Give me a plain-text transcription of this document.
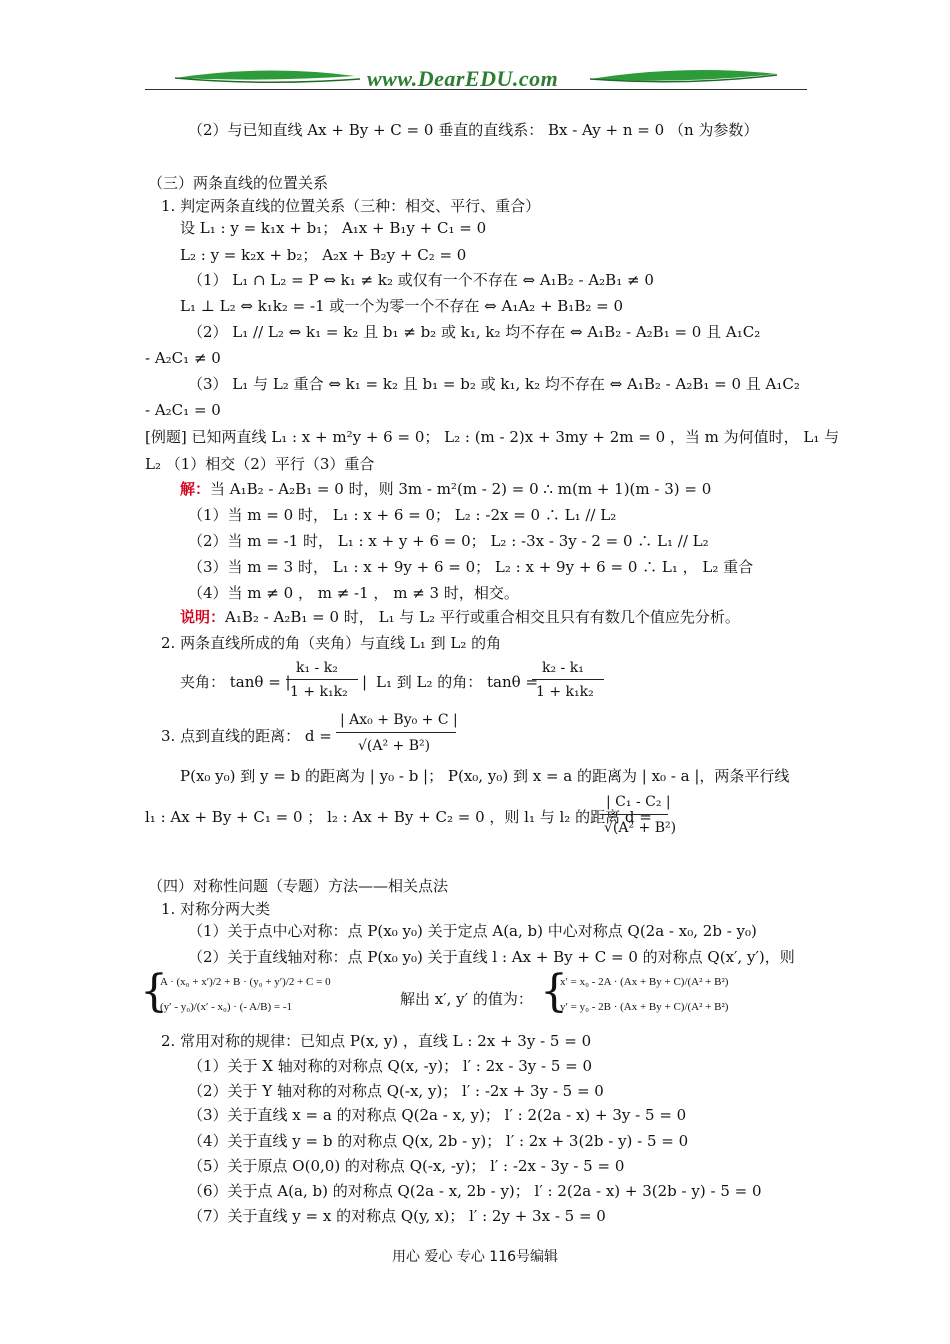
www.DearEDU.com
（2）与已知直线 Ax + By + C = 0 垂直的直线系： Bx - Ay + n = 0 （n 为参数）
（三）两条直线的位置关系
1. 判定两条直线的位置关系（三种：相交、平行、重合）
设 L₁ : y = k₁x + b₁； A₁x + B₁y + C₁ = 0
L₂ : y = k₂x + b₂； A₂x + B₂y + C₂ = 0
（1） L₁ ∩ L₂ = P ⇔ k₁ ≠ k₂ 或仅有一个不存在 ⇔ A₁B₂ - A₂B₁ ≠ 0
L₁ ⊥ L₂ ⇔ k₁k₂ = -1 或一个为零一个不存在 ⇔ A₁A₂ + B₁B₂ = 0
（2） L₁ // L₂ ⇔ k₁ = k₂ 且 b₁ ≠ b₂ 或 k₁, k₂ 均不存在 ⇔ A₁B₂ - A₂B₁ = 0 且 A₁C₂
- A₂C₁ ≠ 0
（3） L₁ 与 L₂ 重合 ⇔ k₁ = k₂ 且 b₁ = b₂ 或 k₁, k₂ 均不存在 ⇔ A₁B₂ - A₂B₁ = 0 且 A₁C₂
- A₂C₁ = 0
[例题] 已知两直线 L₁ : x + m²y + 6 = 0； L₂ : (m - 2)x + 3my + 2m = 0 ，当 m 为何值时， L₁ 与
L₂ （1）相交（2）平行（3）重合
解：当 A₁B₂ - A₂B₁ = 0 时，则 3m - m²(m - 2) = 0 ∴ m(m + 1)(m - 3) = 0
（1）当 m = 0 时， L₁ : x + 6 = 0； L₂ : -2x = 0 ∴ L₁ // L₂
（2）当 m = -1 时， L₁ : x + y + 6 = 0； L₂ : -3x - 3y - 2 = 0 ∴ L₁ // L₂
（3）当 m = 3 时， L₁ : x + 9y + 6 = 0； L₂ : x + 9y + 6 = 0 ∴ L₁ ， L₂ 重合
（4）当 m ≠ 0 ， m ≠ -1 ， m ≠ 3 时，相交。
说明：A₁B₂ - A₂B₁ = 0 时， L₁ 与 L₂ 平行或重合相交且只有有数几个值应先分析。
2. 两条直线所成的角（夹角）与直线 L₁ 到 L₂ 的角
夹角： tanθ = |
k₁ - k₂
1 + k₁k₂
| L₁ 到 L₂ 的角： tanθ =
k₂ - k₁
1 + k₁k₂
3. 点到直线的距离： d =
| Ax₀ + By₀ + C |
√(A² + B²)
P(x₀ y₀) 到 y = b 的距离为 | y₀ - b |； P(x₀, y₀) 到 x = a 的距离为 | x₀ - a |，两条平行线
l₁ : Ax + By + C₁ = 0 ； l₂ : Ax + By + C₂ = 0 ，则 l₁ 与 l₂ 的距离 d =
| C₁ - C₂ |
√(A² + B²)
（四）对称性问题（专题）方法——相关点法
1. 对称分两大类
（1）关于点中心对称：点 P(x₀ y₀) 关于定点 A(a, b) 中心对称点 Q(2a - x₀, 2b - y₀)
（2）关于直线轴对称：点 P(x₀ y₀) 关于直线 l : Ax + By + C = 0 的对称点 Q(x′, y′)，则
{
A · (x₀ + x′)/2 + B · (y₀ + y′)/2 + C = 0
(y′ - y₀)/(x′ - x₀) · (- A/B) = -1	解出 x′, y′ 的值为： {
x′ = x₀ - 2A · (Ax + By + C)/(A² + B²)
y′ = y₀ - 2B · (Ax + By + C)/(A² + B²)
2. 常用对称的规律：已知点 P(x, y) ，直线 L : 2x + 3y - 5 = 0
（1）关于 X 轴对称的对称点 Q(x, -y)； l′ : 2x - 3y - 5 = 0
（2）关于 Y 轴对称的对称点 Q(-x, y)； l′ : -2x + 3y - 5 = 0
（3）关于直线 x = a 的对称点 Q(2a - x, y)； l′ : 2(2a - x) + 3y - 5 = 0
（4）关于直线 y = b 的对称点 Q(x, 2b - y)； l′ : 2x + 3(2b - y) - 5 = 0
（5）关于原点 O(0,0) 的对称点 Q(-x, -y)； l′ : -2x - 3y - 5 = 0
（6）关于点 A(a, b) 的对称点 Q(2a - x, 2b - y)； l′ : 2(2a - x) + 3(2b - y) - 5 = 0
（7）关于直线 y = x 的对称点 Q(y, x)； l′ : 2y + 3x - 5 = 0
用心 爱心 专心 116号编辑
